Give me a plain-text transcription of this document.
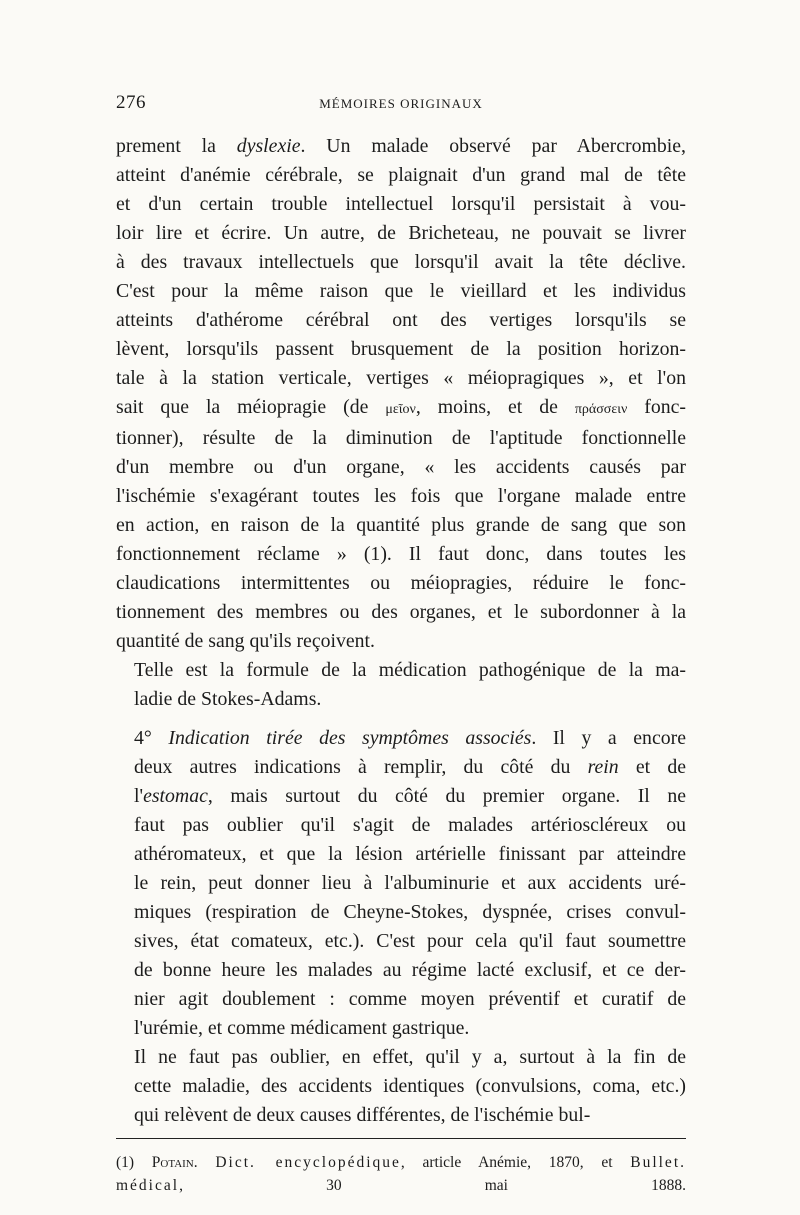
276	MÉMOIRES ORIGINAUX

prement la dyslexie. Un malade observé par Abercrombie,
atteint d'anémie cérébrale, se plaignait d'un grand mal de tête
et d'un certain trouble intellectuel lorsqu'il persistait à vou-
loir lire et écrire. Un autre, de Bricheteau, ne pouvait se livrer
à des travaux intellectuels que lorsqu'il avait la tête déclive.
C'est pour la même raison que le vieillard et les individus
atteints d'athérome cérébral ont des vertiges lorsqu'ils se
lèvent, lorsqu'ils passent brusquement de la position horizon-
tale à la station verticale, vertiges « méiopragiques », et l'on
sait que la méiopragie (de μεῖον, moins, et de πράσσειν fonc-
tionner), résulte de la diminution de l'aptitude fonctionnelle
d'un membre ou d'un organe, « les accidents causés par
l'ischémie s'exagérant toutes les fois que l'organe malade entre
en action, en raison de la quantité plus grande de sang que son
fonctionnement réclame » (1). Il faut donc, dans toutes les
claudications intermittentes ou méiopragies, réduire le fonc-
tionnement des membres ou des organes, et le subordonner à la
quantité de sang qu'ils reçoivent.

Telle est la formule de la médication pathogénique de la ma-
ladie de Stokes-Adams.

4° Indication tirée des symptômes associés. Il y a encore
deux autres indications à remplir, du côté du rein et de
l'estomac, mais surtout du côté du premier organe. Il ne
faut pas oublier qu'il s'agit de malades artérioscléreux ou
athéromateux, et que la lésion artérielle finissant par atteindre
le rein, peut donner lieu à l'albuminurie et aux accidents uré-
miques (respiration de Cheyne-Stokes, dyspnée, crises convul-
sives, état comateux, etc.). C'est pour cela qu'il faut soumettre
de bonne heure les malades au régime lacté exclusif, et ce der-
nier agit doublement : comme moyen préventif et curatif de
l'urémie, et comme médicament gastrique.

Il ne faut pas oublier, en effet, qu'il y a, surtout à la fin de
cette maladie, des accidents identiques (convulsions, coma, etc.)
qui relèvent de deux causes différentes, de l'ischémie bul-

(1) Potain. Dict. encyclopédique, article Anémie, 1870, et Bullet.
médical, 30 mai 1888.
